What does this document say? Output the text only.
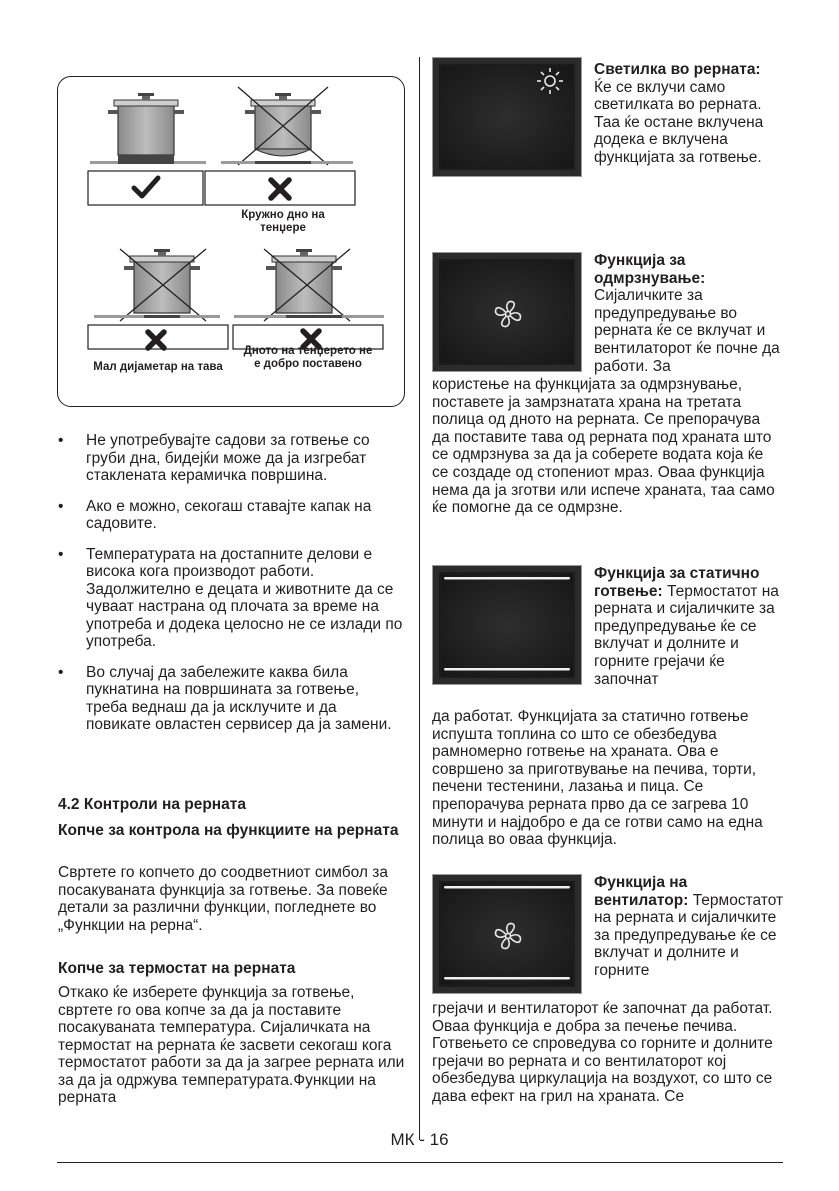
Кружно дно на тенџере
Мал дијаметар на тава
Дното на тенџерето не е добро поставено
• Не употребувајте садови за готвење со груби дна, бидејќи може да ја изгребат стаклената керамичка површина.
• Ако е можно, секогаш ставајте капак на садовите.
• Температурата на достапните делови е висока кога производот работи. Задолжително е децата и животните да се чуваат настрана од плочата за време на употреба и додека целосно не се излади по употреба.
• Во случај да забележите каква била пукнатина на површината за готвење, треба веднаш да ја исклучите и да повикате овластен сервисер да ја замени.
4.2 Контроли на рерната
Копче за контрола на функциите на рерната
Свртете го копчето до соодветниот симбол за посакуваната функција за готвење. За повеќе детали за различни функции, погледнете во „Функции на рерна“.
Копче за термостат на рерната
Откако ќе изберете функција за готвење, свртете го ова копче за да ја поставите посакуваната температура. Сијаличката на термостат на рерната ќе засвети секогаш кога термостатот работи за да ја загрее рерната или за да ја одржува температурата.Функции на рерната
Светилка во рерната: Ќе се вклучи само светилката во рерната. Таа ќе остане вклучена додека е вклучена функцијата за готвење.
Функција за одмрзнување: Сијаличките за предупредување во рерната ќе се вклучат и вентилаторот ќе почне да работи. За
користење на функцијата за одмрзнување, поставете ја замрзнатата храна на третата полица од дното на рерната. Се препорачува да поставите тава од рерната под храната што се одмрзнува за да ја соберете водата која ќе се создаде од стопениот мраз. Оваа функција нема да ја зготви или испече храната, таа само ќе помогне да се одмрзне.
Функција за статично готвење: Термостатот на рерната и сијаличките за предупредување ќе се вклучат и долните и горните грејачи ќе започнат
да работат. Функцијата за статично готвење испушта топлина со што се обезбедува рамномерно готвење на храната. Ова е совршено за приготвување на печива, торти, печени тестенини, лазања и пица. Се препорачува рерната прво да се загрева 10 минути и најдобро е да се готви само на една полица во оваа функција.
Функција на вентилатор: Термостатот на рерната и сијаличките за предупредување ќе се вклучат и долните и горните
грејачи и вентилаторот ќе започнат да работат. Оваа функција е добра за печење печива. Готвењето се спроведува со горните и долните грејачи во рерната и со вентилаторот кој обезбедува циркулација на воздухот, со што се дава ефект на грил на храната. Се
МК - 16
